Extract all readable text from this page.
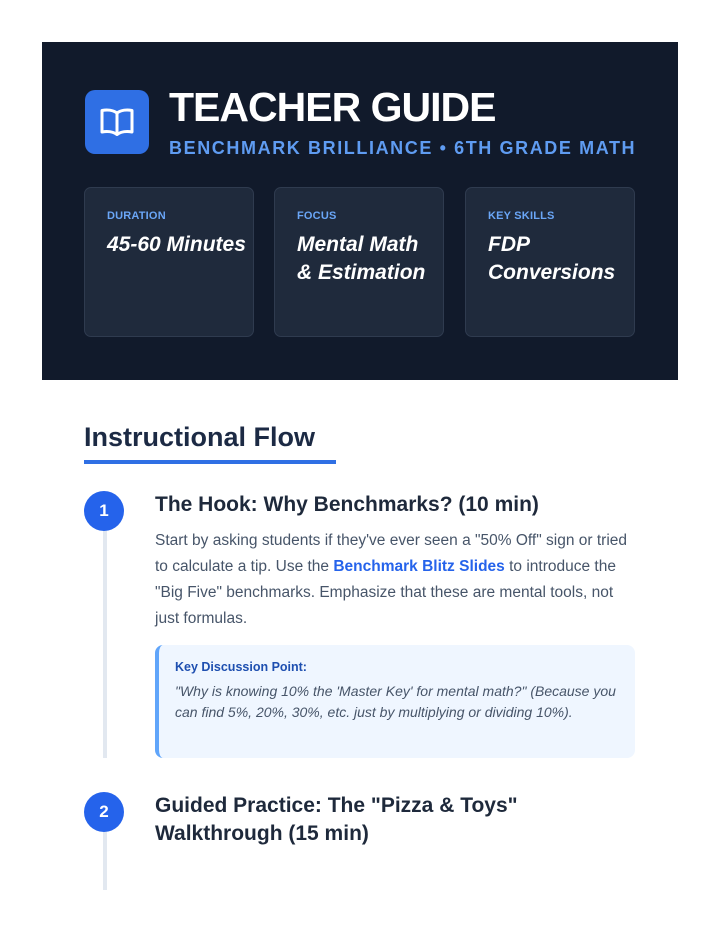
TEACHER GUIDE
BENCHMARK BRILLIANCE • 6TH GRADE MATH
DURATION
45-60 Minutes
FOCUS
Mental Math & Estimation
KEY SKILLS
FDP Conversions
Instructional Flow
1	The Hook: Why Benchmarks? (10 min)
Start by asking students if they've ever seen a "50% Off" sign or tried to calculate a tip. Use the Benchmark Blitz Slides to introduce the "Big Five" benchmarks. Emphasize that these are mental tools, not just formulas.
Key Discussion Point:
"Why is knowing 10% the 'Master Key' for mental math?" (Because you can find 5%, 20%, 30%, etc. just by multiplying or dividing 10%).
2	Guided Practice: The "Pizza & Toys" Walkthrough (15 min)
